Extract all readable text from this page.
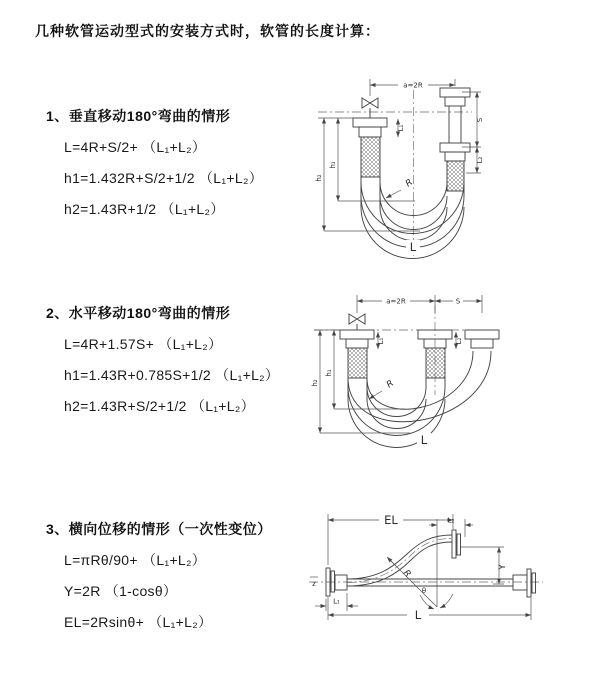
几种软管运动型式的安装方式时，软管的长度计算：
1、垂直移动180°弯曲的情形
L=4R+S/2+ （L₁+L₂）
h1=1.432R+S/2+1/2 （L₁+L₂）
h2=1.43R+1/2 （L₁+L₂）
2、水平移动180°弯曲的情形
L=4R+1.57S+ （L₁+L₂）
h1=1.43R+0.785S+1/2 （L₁+L₂）
h2=1.43R+S/2+1/2 （L₁+L₂）
3、横向位移的情形（一次性变位）
L=πRθ/90+ （L₁+L₂）
Y=2R （1-cosθ）
EL=2Rsinθ+ （L₁+L₂）
a=2R
L₁
S
L₂
h₁
h₂	R
L
a=2R	S
L₁	L₂
h₁
h₂	R
L
z
EL	L₂
Y
R
θ
L₁
L
